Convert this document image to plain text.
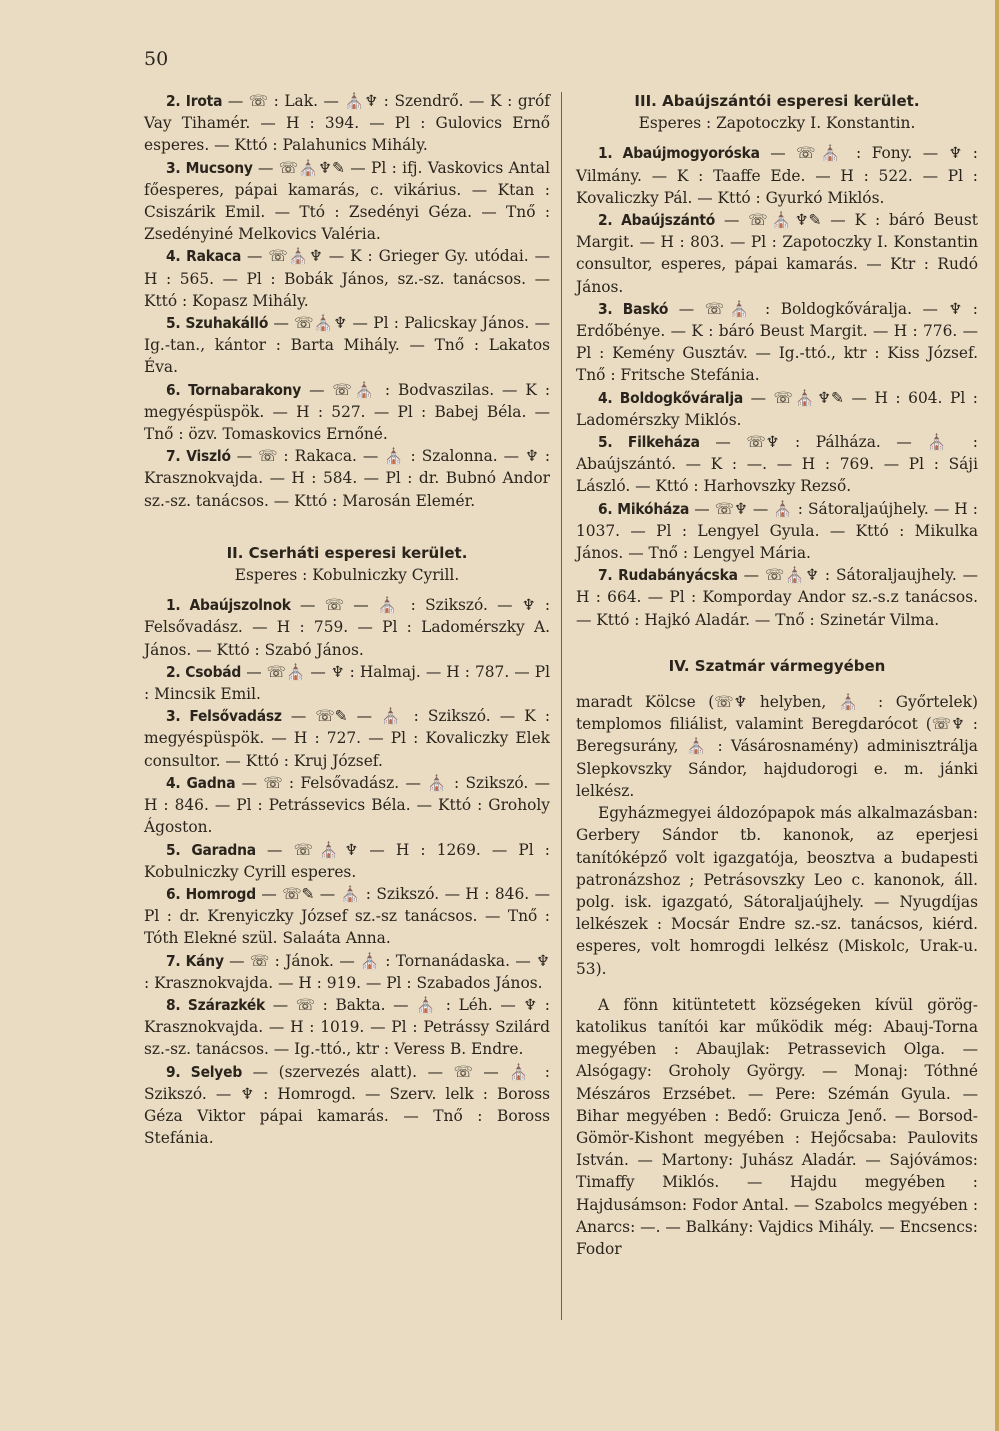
50

2. Irota — ☏ : Lak. — ⛪♆ : Szendrő. — K : gróf Vay Tihamér. — H : 394. — Pl : Gulovics Ernő esperes. — Kttó : Palahunics Mihály.

3. Mucsony — ☏⛪♆✎ — Pl : ifj. Vaskovics Antal főesperes, pápai kamarás, c. vikárius. — Ktan : Csiszárik Emil. — Ttó : Zsedényi Géza. — Tnő : Zsedényiné Melkovics Valéria.

4. Rakaca — ☏⛪♆ — K : Grieger Gy. utódai. — H : 565. — Pl : Bobák János, sz.-sz. tanácsos. — Kttó : Kopasz Mihály.

5. Szuhakálló — ☏⛪♆ — Pl : Palicskay János. — Ig.-tan., kántor : Barta Mihály. — Tnő : Lakatos Éva.

6. Tornabarakony — ☏⛪ : Bodvaszilas. — K : megyéspüspök. — H : 527. — Pl : Babej Béla. — Tnő : özv. Tomaskovics Ernőné.

7. Viszló — ☏ : Rakaca. — ⛪ : Szalonna. — ♆ : Krasznokvajda. — H : 584. — Pl : dr. Bubnó Andor sz.-sz. tanácsos. — Kttó : Marosán Elemér.

II. Cserháti esperesi kerület.

Esperes : Kobulniczky Cyrill.

1. Abaújszolnok — ☏ — ⛪ : Szikszó. — ♆ : Felsővadász. — H : 759. — Pl : Ladomérszky A. János. — Kttó : Szabó János.

2. Csobád — ☏⛪ — ♆ : Halmaj. — H : 787. — Pl : Mincsik Emil.

3. Felsővadász — ☏✎ — ⛪ : Szikszó. — K : megyéspüspök. — H : 727. — Pl : Kovaliczky Elek consultor. — Kttó : Kruj József.

4. Gadna — ☏ : Felsővadász. — ⛪ : Szikszó. — H : 846. — Pl : Petrássevics Béla. — Kttó : Groholy Ágoston.

5. Garadna — ☏⛪♆ — H : 1269. — Pl : Kobulniczky Cyrill esperes.

6. Homrogd — ☏✎ — ⛪ : Szikszó. — H : 846. — Pl : dr. Krenyiczky József sz.-sz tanácsos. — Tnő : Tóth Elekné szül. Salaáta Anna.

7. Kány — ☏ : Jánok. — ⛪ : Tornanádaska. — ♆ : Krasznokvajda. — H : 919. — Pl : Szabados János.

8. Szárazkék — ☏ : Bakta. — ⛪ : Léh. — ♆ : Krasznokvajda. — H : 1019. — Pl : Petrássy Szilárd sz.-sz. tanácsos. — Ig.-ttó., ktr : Veress B. Endre.

9. Selyeb — (szervezés alatt). — ☏ — ⛪ : Szikszó. — ♆ : Homrogd. — Szerv. lelk : Boross Géza Viktor pápai kamarás. — Tnő : Boross Stefánia.

III. Abaújszántói esperesi kerület.

Esperes : Zapotoczky I. Konstantin.

1. Abaújmogyoróska — ☏⛪ : Fony. — ♆ : Vilmány. — K : Taaffe Ede. — H : 522. — Pl : Kovaliczky Pál. — Kttó : Gyurkó Miklós.

2. Abaújszántó — ☏⛪♆✎ — K : báró Beust Margit. — H : 803. — Pl : Zapotoczky I. Konstantin consultor, esperes, pápai kamarás. — Ktr : Rudó János.

3. Baskó — ☏⛪ : Boldogkőváralja. — ♆ : Erdőbénye. — K : báró Beust Margit. — H : 776. — Pl : Kemény Gusztáv. — Ig.-ttó., ktr : Kiss József. Tnő : Fritsche Stefánia.

4. Boldogkőváralja — ☏⛪♆✎ — H : 604. Pl : Ladomérszky Miklós.

5. Filkeháza — ☏♆ : Pálháza. — ⛪ : Abaújszántó. — K : —. — H : 769. — Pl : Sáji László. — Kttó : Harhovszky Rezső.

6. Mikóháza — ☏♆ — ⛪ : Sátoraljaújhely. — H : 1037. — Pl : Lengyel Gyula. — Kttó : Mikulka János. — Tnő : Lengyel Mária.

7. Rudabányácska — ☏⛪♆ : Sátoraljaujhely. — H : 664. — Pl : Komporday Andor sz.-s.z tanácsos. — Kttó : Hajkó Aladár. — Tnő : Szinetár Vilma.

IV. Szatmár vármegyében

maradt Kölcse (☏♆ helyben, ⛪ : Győrtelek) templomos filiálist, valamint Beregdarócot (☏♆ : Beregsurány, ⛪ : Vásárosnamény) adminisztrálja Slepkovszky Sándor, hajdudorogi e. m. jánki lelkész.

Egyházmegyei áldozópapok más alkalmazásban: Gerbery Sándor tb. kanonok, az eperjesi tanítóképző volt igazgatója, beosztva a budapesti patronázshoz ; Petrásovszky Leo c. kanonok, áll. polg. isk. igazgató, Sátoraljaújhely. — Nyugdíjas lelkészek : Mocsár Endre sz.-sz. tanácsos, kiérd. esperes, volt homrogdi lelkész (Miskolc, Urak-u. 53).

A fönn kitüntetett községeken kívül görög-katolikus tanítói kar működik még: Abauj-Torna megyében : Abaujlak: Petrassevich Olga. — Alsógagy: Groholy György. — Monaj: Tóthné Mészáros Erzsébet. — Pere: Szémán Gyula. — Bihar megyében : Bedő: Gruicza Jenő. — Borsod-Gömör-Kishont megyében : Hejőcsaba: Paulovits István. — Martony: Juhász Aladár. — Sajóvámos: Timaffy Miklós. — Hajdu megyében : Hajdusámson: Fodor Antal. — Szabolcs megyében : Anarcs: —. — Balkány: Vajdics Mihály. — Encsencs: Fodor
